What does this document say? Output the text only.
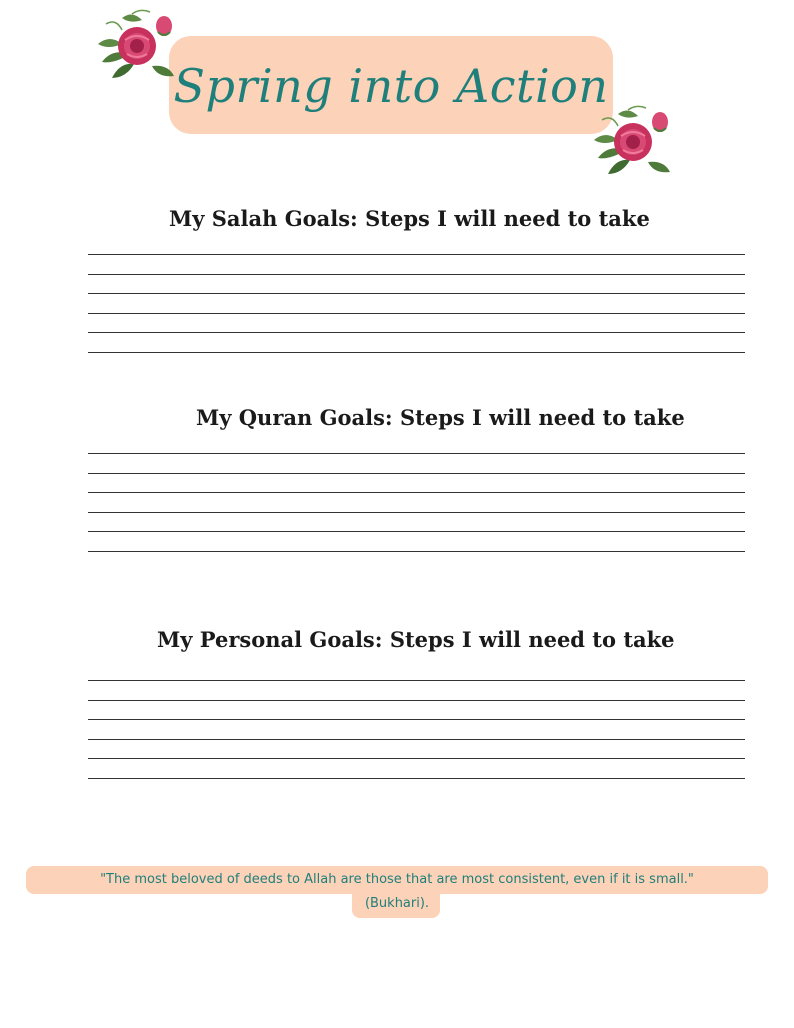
Spring into Action
My Salah Goals: Steps I will need to take
My Quran Goals: Steps I will need to take
My Personal Goals: Steps I will need to take
"The most beloved of deeds to Allah are those that are most consistent, even if it is small."
(Bukhari).
